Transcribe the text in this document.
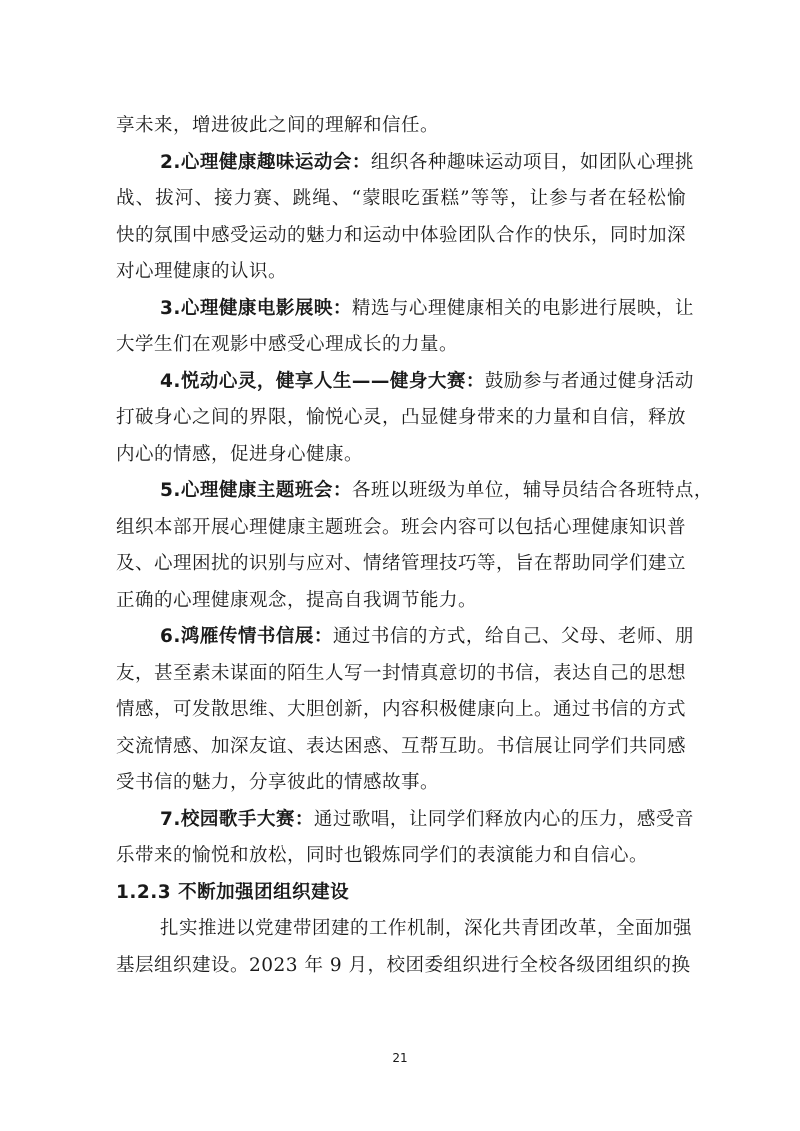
享未来，增进彼此之间的理解和信任。
2.心理健康趣味运动会：组织各种趣味运动项目，如团队心理挑
战、拔河、接力赛、跳绳、“蒙眼吃蛋糕”等等，让参与者在轻松愉
快的氛围中感受运动的魅力和运动中体验团队合作的快乐，同时加深
对心理健康的认识。
3.心理健康电影展映：精选与心理健康相关的电影进行展映，让
大学生们在观影中感受心理成长的力量。
4.悦动心灵，健享人生——健身大赛：鼓励参与者通过健身活动
打破身心之间的界限，愉悦心灵，凸显健身带来的力量和自信，释放
内心的情感，促进身心健康。
5.心理健康主题班会：各班以班级为单位，辅导员结合各班特点，
组织本部开展心理健康主题班会。班会内容可以包括心理健康知识普
及、心理困扰的识别与应对、情绪管理技巧等，旨在帮助同学们建立
正确的心理健康观念，提高自我调节能力。
6.鸿雁传情书信展：通过书信的方式，给自己、父母、老师、朋
友，甚至素未谋面的陌生人写一封情真意切的书信，表达自己的思想
情感，可发散思维、大胆创新，内容积极健康向上。通过书信的方式
交流情感、加深友谊、表达困惑、互帮互助。书信展让同学们共同感
受书信的魅力，分享彼此的情感故事。
7.校园歌手大赛：通过歌唱，让同学们释放内心的压力，感受音
乐带来的愉悦和放松，同时也锻炼同学们的表演能力和自信心。
1.2.3 不断加强团组织建设
扎实推进以党建带团建的工作机制，深化共青团改革，全面加强
基层组织建设。2023 年 9 月，校团委组织进行全校各级团组织的换
21
